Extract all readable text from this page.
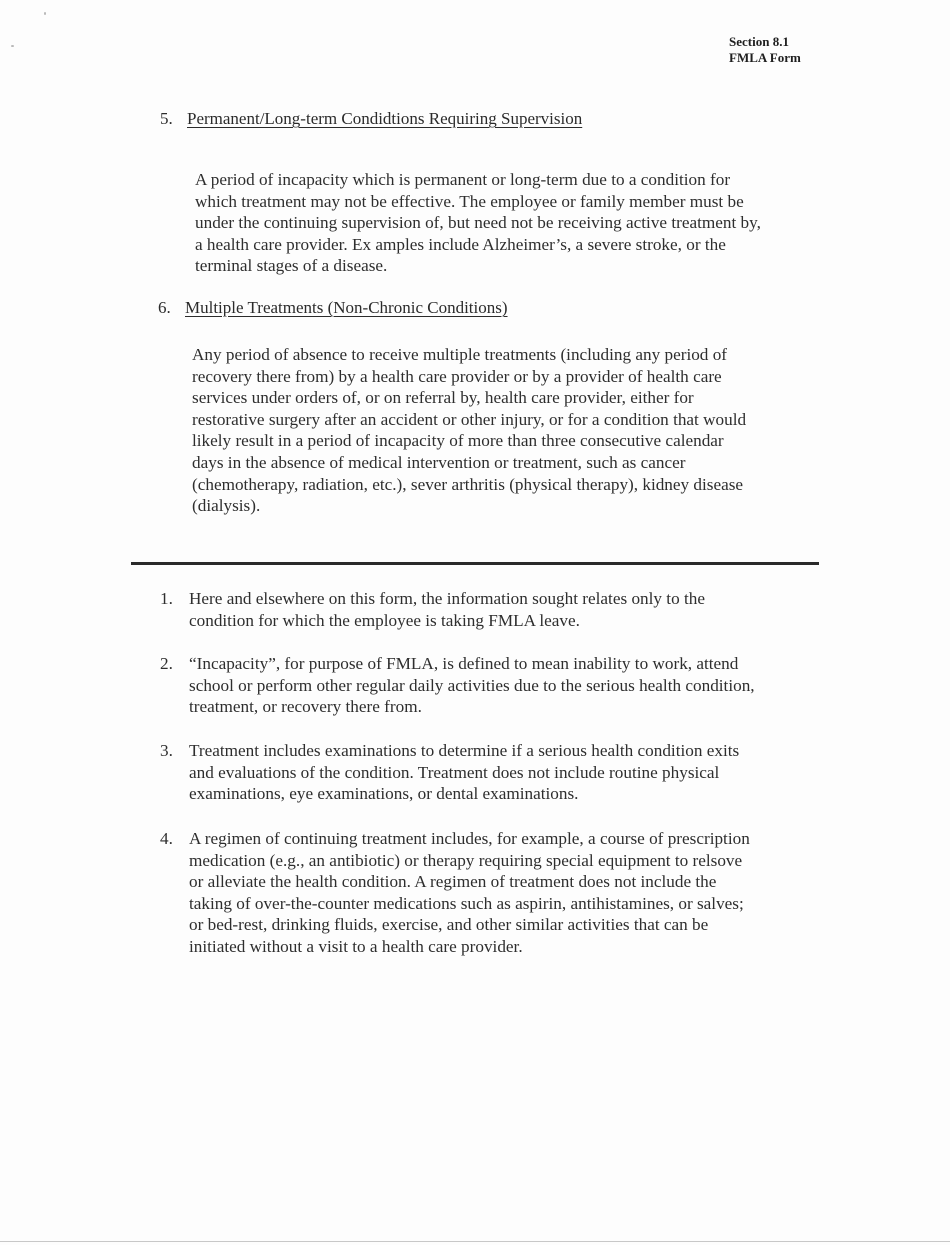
Section 8.1
FMLA Form
5. Permanent/Long-term Condidtions Requiring Supervision
A period of incapacity which is permanent or long-term due to a condition for
which treatment may not be effective. The employee or family member must be
under the continuing supervision of, but need not be receiving active treatment by,
a health care provider. Ex amples include Alzheimer’s, a severe stroke, or the
terminal stages of a disease.
6. Multiple Treatments (Non-Chronic Conditions)
Any period of absence to receive multiple treatments (including any period of
recovery there from) by a health care provider or by a provider of health care
services under orders of, or on referral by, health care provider, either for
restorative surgery after an accident or other injury, or for a condition that would
likely result in a period of incapacity of more than three consecutive calendar
days in the absence of medical intervention or treatment, such as cancer
(chemotherapy, radiation, etc.), sever arthritis (physical therapy), kidney disease
(dialysis).
1. Here and elsewhere on this form, the information sought relates only to the
condition for which the employee is taking FMLA leave.
2. “Incapacity”, for purpose of FMLA, is defined to mean inability to work, attend
school or perform other regular daily activities due to the serious health condition,
treatment, or recovery there from.
3. Treatment includes examinations to determine if a serious health condition exits
and evaluations of the condition. Treatment does not include routine physical
examinations, eye examinations, or dental examinations.
4. A regimen of continuing treatment includes, for example, a course of prescription
medication (e.g., an antibiotic) or therapy requiring special equipment to relsove
or alleviate the health condition. A regimen of treatment does not include the
taking of over-the-counter medications such as aspirin, antihistamines, or salves;
or bed-rest, drinking fluids, exercise, and other similar activities that can be
initiated without a visit to a health care provider.
